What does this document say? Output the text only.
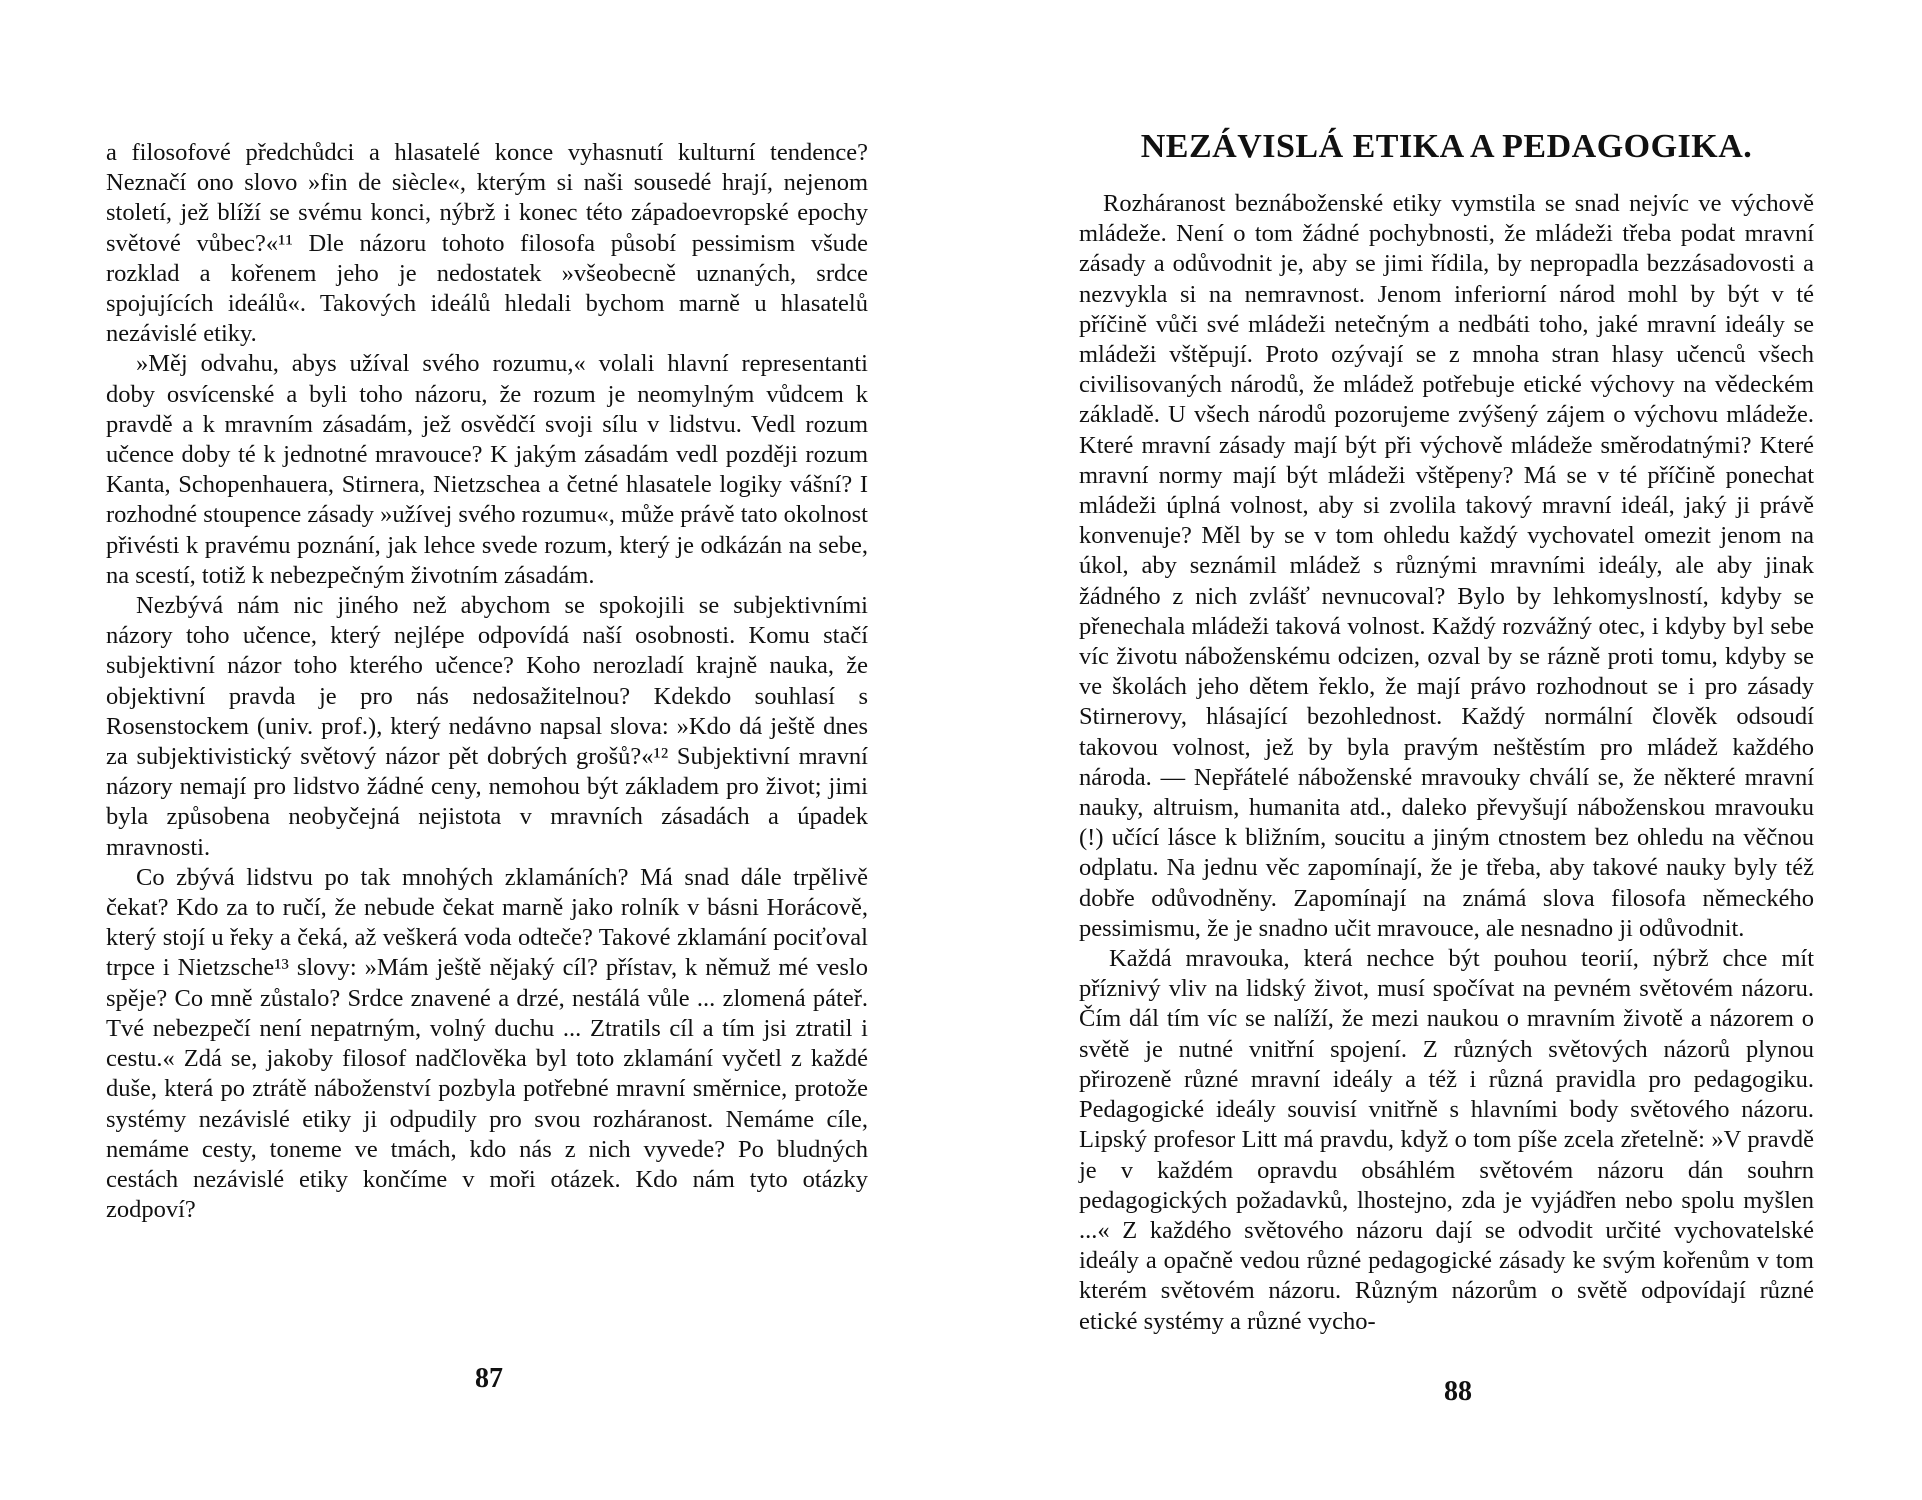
a filosofové předchůdci a hlasatelé konce vyhasnutí kulturní tendence? Neznačí ono slovo »fin de siècle«, kterým si naši sousedé hrají, nejenom století, jež blíží se svému konci, nýbrž i konec této západoevropské epochy světové vůbec?«¹¹ Dle názoru tohoto filosofa působí pessimism všude rozklad a kořenem jeho je nedostatek »všeobecně uznaných, srdce spojujících ideálů«. Takových ideálů hledali bychom marně u hlasatelů nezávislé etiky.

»Měj odvahu, abys užíval svého rozumu,« volali hlavní representanti doby osvícenské a byli toho názoru, že rozum je neomylným vůdcem k pravdě a k mravním zásadám, jež osvědčí svoji sílu v lidstvu. Vedl rozum učence doby té k jednotné mravouce? K jakým zásadám vedl později rozum Kanta, Schopenhauera, Stirnera, Nietzschea a četné hlasatele logiky vášní? I rozhodné stoupence zásady »užívej svého rozumu«, může právě tato okolnost přivésti k pravému poznání, jak lehce svede rozum, který je odkázán na sebe, na scestí, totiž k nebezpečným životním zásadám.

Nezbývá nám nic jiného než abychom se spokojili se subjektivními názory toho učence, který nejlépe odpovídá naší osobnosti. Komu stačí subjektivní názor toho kterého učence? Koho nerozladí krajně nauka, že objektivní pravda je pro nás nedosažitelnou? Kdekdo souhlasí s Rosenstockem (univ. prof.), který nedávno napsal slova: »Kdo dá ještě dnes za subjektivistický světový názor pět dobrých grošů?«¹² Subjektivní mravní názory nemají pro lidstvo žádné ceny, nemohou být základem pro život; jimi byla způsobena neobyčejná nejistota v mravních zásadách a úpadek mravnosti.

Co zbývá lidstvu po tak mnohých zklamáních? Má snad dále trpělivě čekat? Kdo za to ručí, že nebude čekat marně jako rolník v básni Horácově, který stojí u řeky a čeká, až veškerá voda odteče? Takové zklamání pociťoval trpce i Nietzsche¹³ slovy: »Mám ještě nějaký cíl? přístav, k němuž mé veslo spěje? Co mně zůstalo? Srdce znavené a drzé, nestálá vůle ... zlomená páteř. Tvé nebezpečí není nepatrným, volný duchu ... Ztratils cíl a tím jsi ztratil i cestu.« Zdá se, jakoby filosof nadčlověka byl toto zklamání vyčetl z každé duše, která po ztrátě náboženství pozbyla potřebné mravní směrnice, protože systémy nezávislé etiky ji odpudily pro svou rozháranost. Nemáme cíle, nemáme cesty, toneme ve tmách, kdo nás z nich vyvede? Po bludných cestách nezávislé etiky končíme v moři otázek. Kdo nám tyto otázky zodpoví?

87
NEZÁVISLÁ ETIKA A PEDAGOGIKA.

Rozháranost beznáboženské etiky vymstila se snad nejvíc ve výchově mládeže. Není o tom žádné pochybnosti, že mládeži třeba podat mravní zásady a odůvodnit je, aby se jimi řídila, by nepropadla bezzásadovosti a nezvykla si na nemravnost. Jenom inferiorní národ mohl by být v té příčině vůči své mládeži netečným a nedbáti toho, jaké mravní ideály se mládeži vštěpují. Proto ozývají se z mnoha stran hlasy učenců všech civilisovaných národů, že mládež potřebuje etické výchovy na vědeckém základě. U všech národů pozorujeme zvýšený zájem o výchovu mládeže. Které mravní zásady mají být při výchově mládeže směrodatnými? Které mravní normy mají být mládeži vštěpeny? Má se v té příčině ponechat mládeži úplná volnost, aby si zvolila takový mravní ideál, jaký ji právě konvenuje? Měl by se v tom ohledu každý vychovatel omezit jenom na úkol, aby seznámil mládež s různými mravními ideály, ale aby jinak žádného z nich zvlášť nevnucoval? Bylo by lehkomyslností, kdyby se přenechala mládeži taková volnost. Každý rozvážný otec, i kdyby byl sebe víc životu náboženskému odcizen, ozval by se rázně proti tomu, kdyby se ve školách jeho dětem řeklo, že mají právo rozhodnout se i pro zásady Stirnerovy, hlásající bezohlednost. Každý normální člověk odsoudí takovou volnost, jež by byla pravým neštěstím pro mládež každého národa. — Nepřátelé náboženské mravouky chválí se, že některé mravní nauky, altruism, humanita atd., daleko převyšují náboženskou mravouku (!) učící lásce k bližním, soucitu a jiným ctnostem bez ohledu na věčnou odplatu. Na jednu věc zapomínají, že je třeba, aby takové nauky byly též dobře odůvodněny. Zapomínají na známá slova filosofa německého pessimismu, že je snadno učit mravouce, ale nesnadno ji odůvodnit.

Každá mravouka, která nechce být pouhou teorií, nýbrž chce mít příznivý vliv na lidský život, musí spočívat na pevném světovém názoru. Čím dál tím víc se nalíží, že mezi naukou o mravním životě a názorem o světě je nutné vnitřní spojení. Z různých světových názorů plynou přirozeně různé mravní ideály a též i různá pravidla pro pedagogiku. Pedagogické ideály souvisí vnitřně s hlavními body světového názoru. Lipský profesor Litt má pravdu, když o tom píše zcela zřetelně: »V pravdě je v každém opravdu obsáhlém světovém názoru dán souhrn pedagogických požadavků, lhostejno, zda je vyjádřen nebo spolu myšlen ...« Z každého světového názoru dají se odvodit určité vychovatelské ideály a opačně vedou různé pedagogické zásady ke svým kořenům v tom kterém světovém názoru. Různým názorům o světě odpovídají různé etické systémy a různé vycho-

88
